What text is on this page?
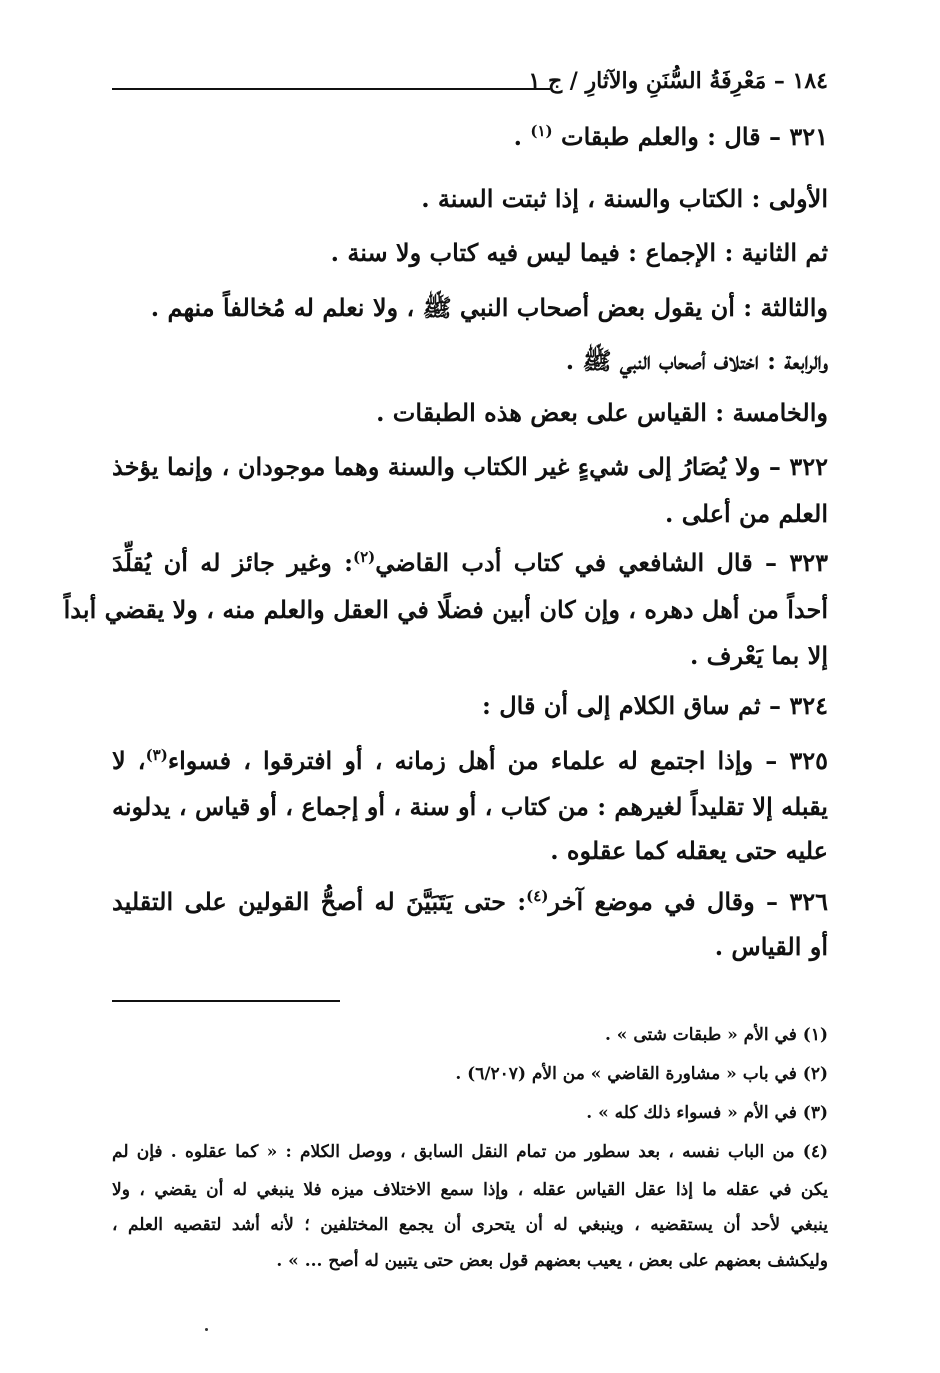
١٨٤ – مَعْرِفَةُ السُّنَنِ والآثارِ / ج ١
٣٢١ – قال : والعلم طبقات $^{(١)}$ .
الأولى : الكتاب والسنة ، إذا ثبتت السنة .
ثم الثانية : الإجماع : فيما ليس فيه كتاب ولا سنة .
والثالثة : أن يقول بعض أصحاب النبي ﷺ ، ولا نعلم له مُخالفاً منهم .
والرابعة : اختلاف أصحاب النبي ﷺ .
والخامسة : القياس على بعض هذه الطبقات .
٣٢٢ – ولا يُصَارُ إلى شيءٍ غير الكتاب والسنة وهما موجودان ، وإنما يؤخذ
العلم من أعلى .
٣٢٣ – قال الشافعي في كتاب أدب القاضي$^{(٢)}$: وغير جائز له أن يُقلِّدَ
أحداً من أهل دهره ، وإن كان أبين فضلًا في العقل والعلم منه ، ولا يقضي أبداً
إلا بما يَعْرف .
٣٢٤ – ثم ساق الكلام إلى أن قال :
٣٢٥ – وإذا اجتمع له علماء من أهل زمانه ، أو افترقوا ، فسواء$^{(٣)}$، لا
يقبله إلا تقليداً لغيرهم : من كتاب ، أو سنة ، أو إجماع ، أو قياس ، يدلونه
عليه حتى يعقله كما عقلوه .
٣٢٦ – وقال في موضع آخر$^{(٤)}$: حتى يَتَبَيَّنَ له أصحُّ القولين على التقليد
أو القياس .
(١) في الأم « طبقات شتى » .
(٢) في باب « مشاورة القاضي » من الأم (٦/٢٠٧) .
(٣) في الأم « فسواء ذلك كله » .
(٤) من الباب نفسه ، بعد سطور من تمام النقل السابق ، ووصل الكلام : « كما عقلوه . فإن لم
يكن في عقله ما إذا عقل القياس عقله ، وإذا سمع الاختلاف ميزه فلا ينبغي له أن يقضي ، ولا
ينبغي لأحد أن يستقضيه ، وينبغي له أن يتحرى أن يجمع المختلفين ؛ لأنه أشد لتقصيه العلم ،
وليكشف بعضهم على بعض ، يعيب بعضهم قول بعض حتى يتبين له أصح ... » .
